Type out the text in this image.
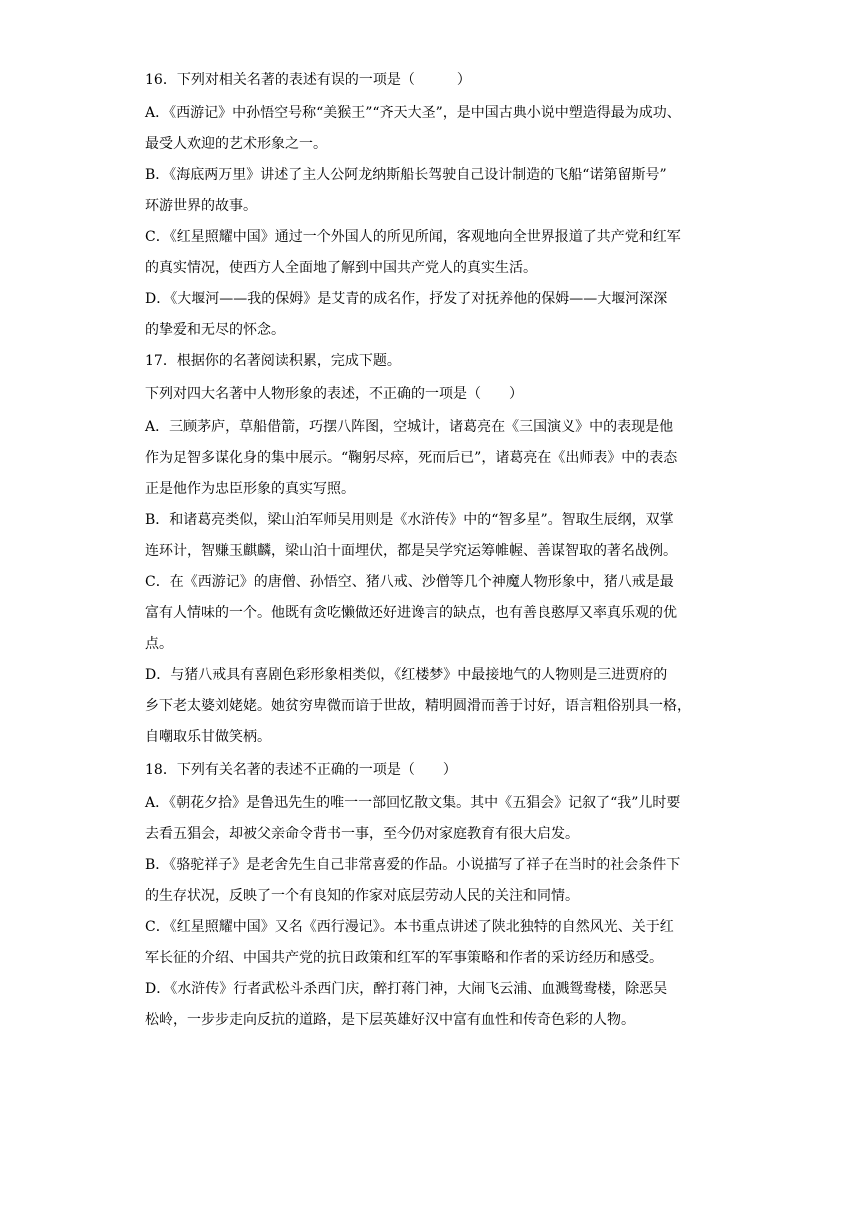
16．下列对相关名著的表述有误的一项是（　　　）
A．《西游记》中孙悟空号称“美猴王”“齐天大圣”，是中国古典小说中塑造得最为成功、
最受人欢迎的艺术形象之一。
B．《海底两万里》讲述了主人公阿龙纳斯船长驾驶自己设计制造的飞船“诺第留斯号”
环游世界的故事。
C．《红星照耀中国》通过一个外国人的所见所闻，客观地向全世界报道了共产党和红军
的真实情况，使西方人全面地了解到中国共产党人的真实生活。
D．《大堰河——我的保姆》是艾青的成名作，抒发了对抚养他的保姆——大堰河深深
的挚爱和无尽的怀念。
17．根据你的名著阅读积累，完成下题。
下列对四大名著中人物形象的表述，不正确的一项是（　　）
A．三顾茅庐，草船借箭，巧摆八阵图，空城计，诸葛亮在《三国演义》中的表现是他
作为足智多谋化身的集中展示。“鞠躬尽瘁，死而后已”，诸葛亮在《出师表》中的表态
正是他作为忠臣形象的真实写照。
B．和诸葛亮类似，梁山泊军师吴用则是《水浒传》中的“智多星”。智取生辰纲，双掌
连环计，智赚玉麒麟，梁山泊十面埋伏，都是吴学究运筹帷幄、善谋智取的著名战例。
C．在《西游记》的唐僧、孙悟空、猪八戒、沙僧等几个神魔人物形象中，猪八戒是最
富有人情味的一个。他既有贪吃懒做还好进谗言的缺点，也有善良憨厚又率真乐观的优
点。
D．与猪八戒具有喜剧色彩形象相类似，《红楼梦》中最接地气的人物则是三进贾府的
乡下老太婆刘姥姥。她贫穷卑微而谙于世故，精明圆滑而善于讨好，语言粗俗别具一格，
自嘲取乐甘做笑柄。
18．下列有关名著的表述不正确的一项是（　　）
A．《朝花夕拾》是鲁迅先生的唯一一部回忆散文集。其中《五猖会》记叙了“我”儿时要
去看五猖会，却被父亲命令背书一事，至今仍对家庭教育有很大启发。
B．《骆驼祥子》是老舍先生自己非常喜爱的作品。小说描写了祥子在当时的社会条件下
的生存状况，反映了一个有良知的作家对底层劳动人民的关注和同情。
C．《红星照耀中国》又名《西行漫记》。本书重点讲述了陕北独特的自然风光、关于红
军长征的介绍、中国共产党的抗日政策和红军的军事策略和作者的采访经历和感受。
D．《水浒传》行者武松斗杀西门庆，醉打蒋门神，大闹飞云浦、血溅鸳鸯楼，除恶吴
松岭，一步步走向反抗的道路，是下层英雄好汉中富有血性和传奇色彩的人物。
